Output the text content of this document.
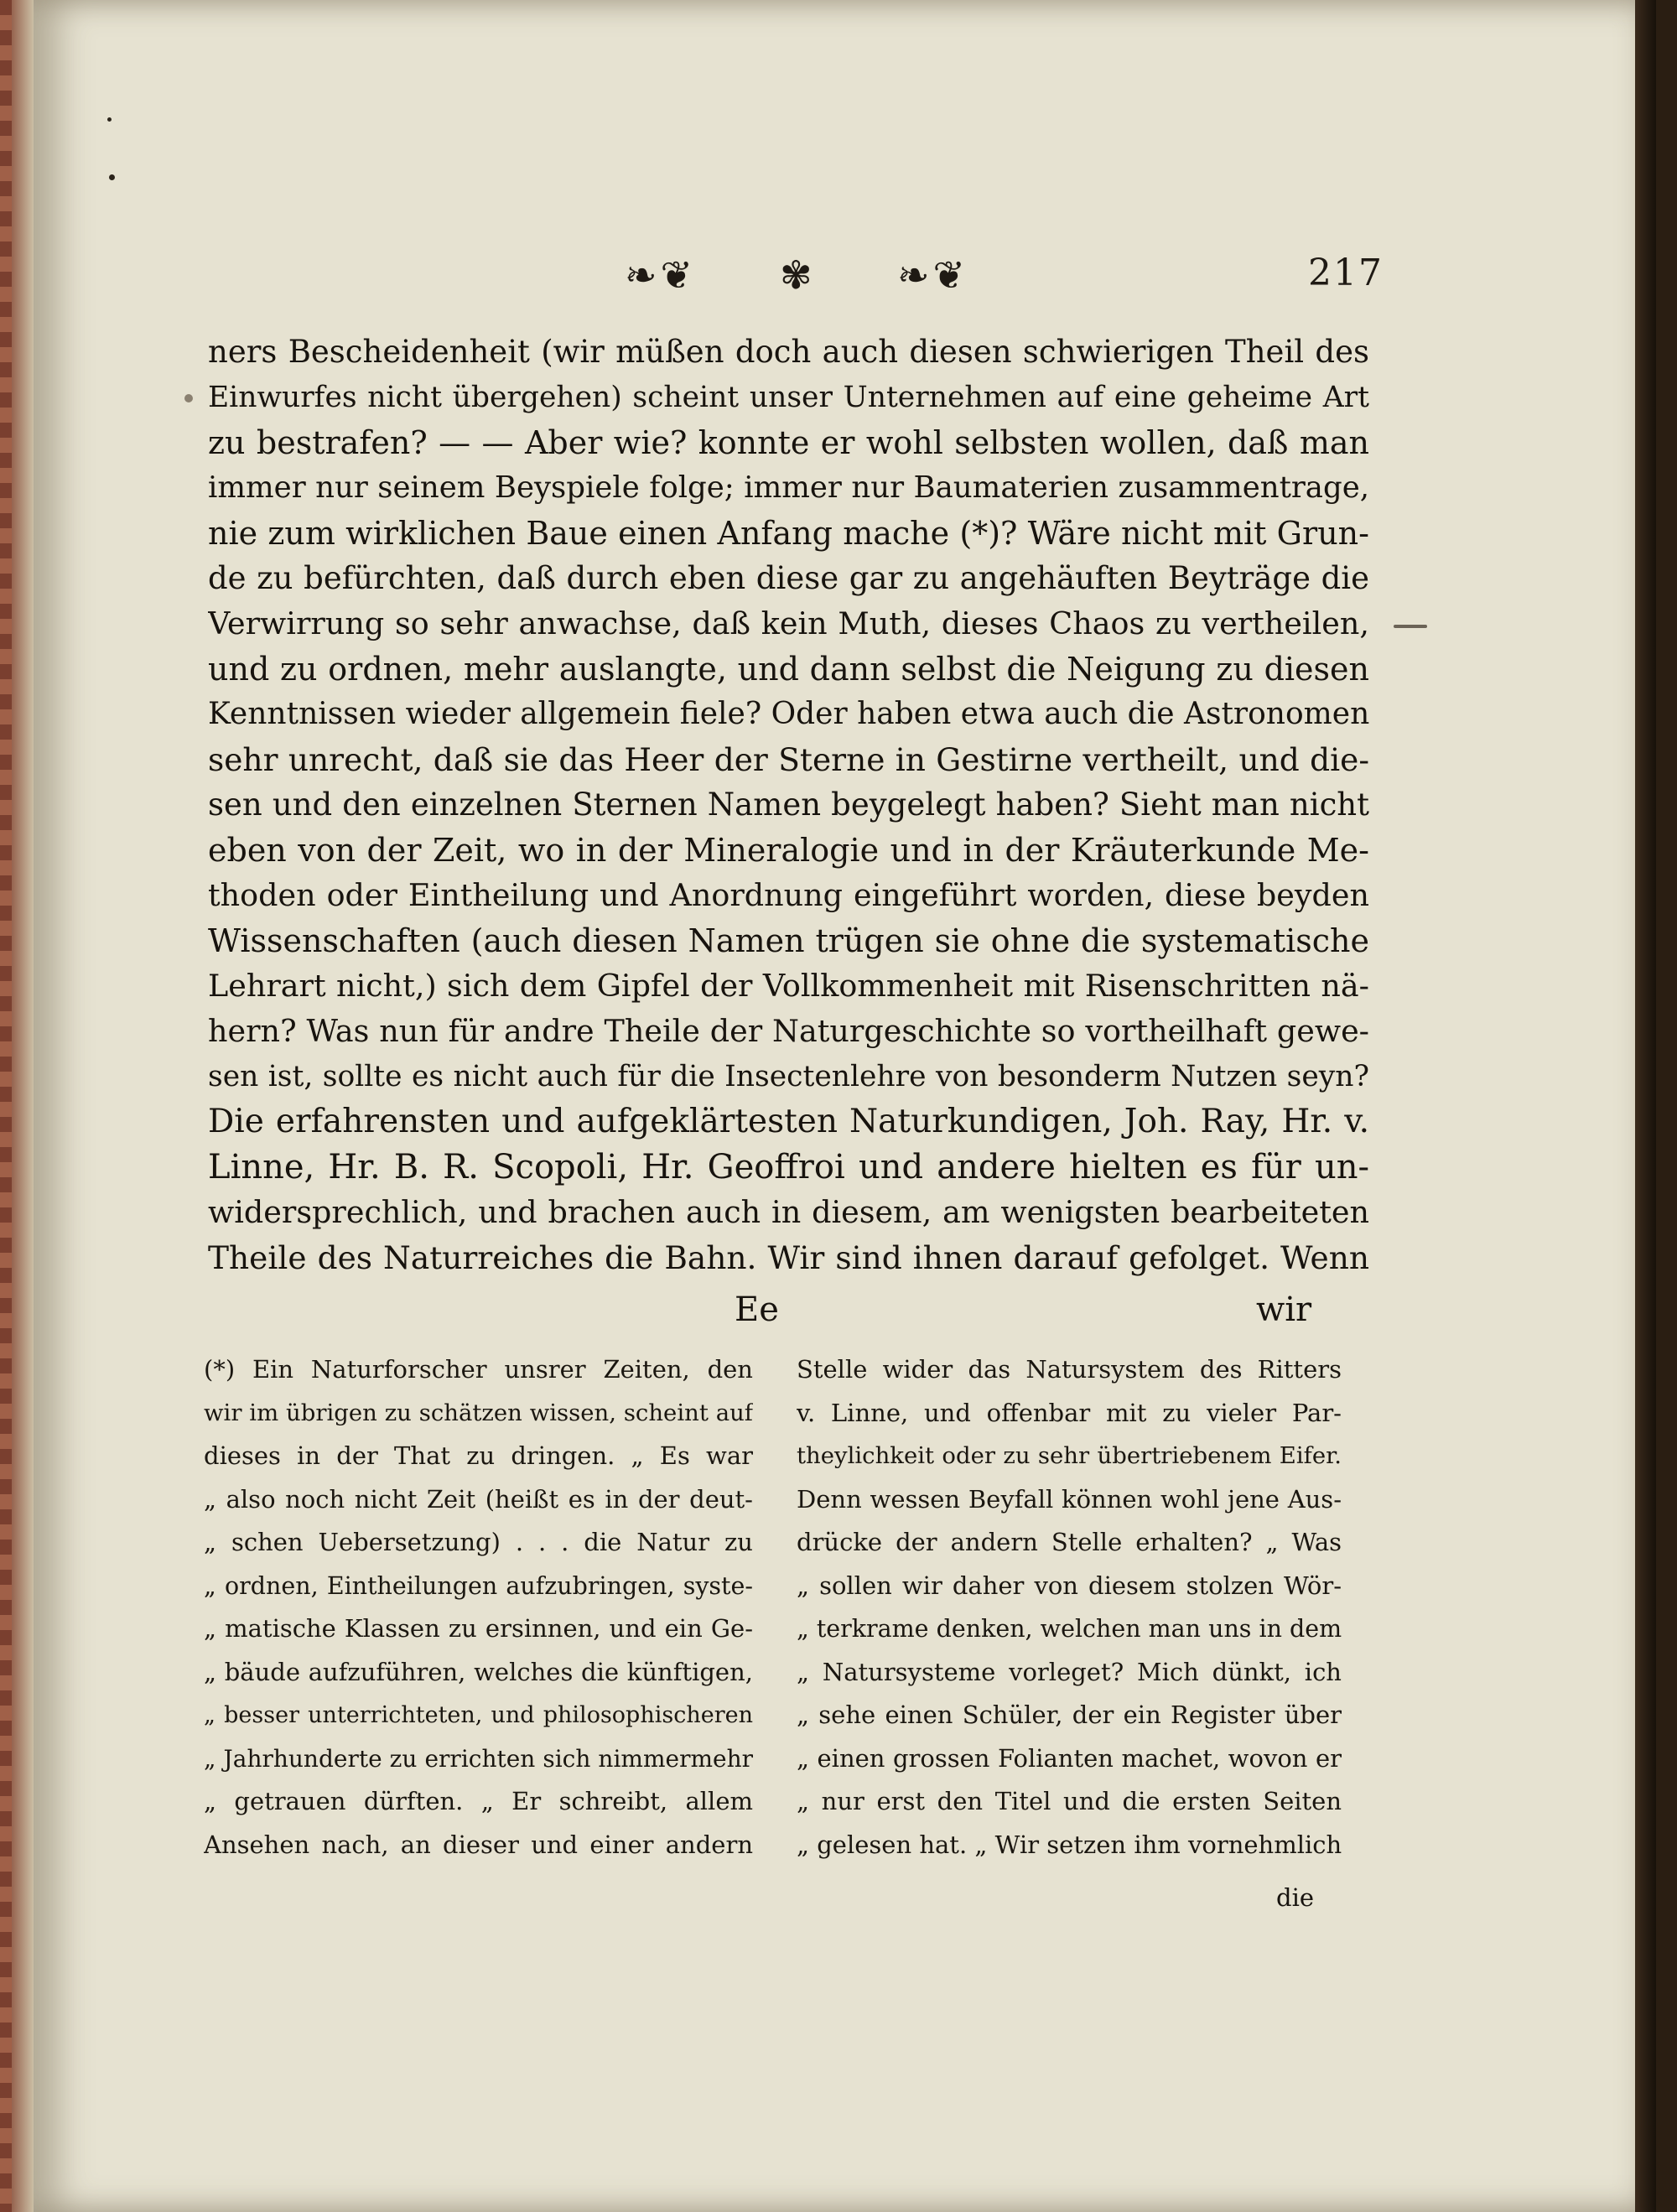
❧❦ ✾ ❧❦	217
ners Bescheidenheit (wir müßen doch auch diesen schwierigen Theil des
Einwurfes nicht übergehen) scheint unser Unternehmen auf eine geheime Art
zu bestrafen? — — Aber wie? konnte er wohl selbsten wollen, daß man
immer nur seinem Beyspiele folge; immer nur Baumaterien zusammentrage,
nie zum wirklichen Baue einen Anfang mache (*)? Wäre nicht mit Grun-
de zu befürchten, daß durch eben diese gar zu angehäuften Beyträge die
Verwirrung so sehr anwachse, daß kein Muth, dieses Chaos zu vertheilen,
und zu ordnen, mehr auslangte, und dann selbst die Neigung zu diesen
Kenntnissen wieder allgemein fiele? Oder haben etwa auch die Astronomen
sehr unrecht, daß sie das Heer der Sterne in Gestirne vertheilt, und die-
sen und den einzelnen Sternen Namen beygelegt haben? Sieht man nicht
eben von der Zeit, wo in der Mineralogie und in der Kräuterkunde Me-
thoden oder Eintheilung und Anordnung eingeführt worden, diese beyden
Wissenschaften (auch diesen Namen trügen sie ohne die systematische
Lehrart nicht,) sich dem Gipfel der Vollkommenheit mit Risenschritten nä-
hern? Was nun für andre Theile der Naturgeschichte so vortheilhaft gewe-
sen ist, sollte es nicht auch für die Insectenlehre von besonderm Nutzen seyn?
Die erfahrensten und aufgeklärtesten Naturkundigen, Joh. Ray, Hr. v.
Linne, Hr. B. R. Scopoli, Hr. Geoffroi und andere hielten es für un-
widersprechlich, und brachen auch in diesem, am wenigsten bearbeiteten
Theile des Naturreiches die Bahn. Wir sind ihnen darauf gefolget. Wenn
Ee	wir
(*) Ein Naturforscher unsrer Zeiten, den
wir im übrigen zu schätzen wissen, scheint auf
dieses in der That zu dringen. „ Es war
„ also noch nicht Zeit (heißt es in der deut-
„ schen Uebersetzung) . . . die Natur zu
„ ordnen, Eintheilungen aufzubringen, syste-
„ matische Klassen zu ersinnen, und ein Ge-
„ bäude aufzuführen, welches die künftigen,
„ besser unterrichteten, und philosophischeren
„ Jahrhunderte zu errichten sich nimmermehr
„ getrauen dürften. „ Er schreibt, allem
Ansehen nach, an dieser und einer andern
Stelle wider das Natursystem des Ritters
v. Linne, und offenbar mit zu vieler Par-
theylichkeit oder zu sehr übertriebenem Eifer.
Denn wessen Beyfall können wohl jene Aus-
drücke der andern Stelle erhalten? „ Was
„ sollen wir daher von diesem stolzen Wör-
„ terkrame denken, welchen man uns in dem
„ Natursysteme vorleget? Mich dünkt, ich
„ sehe einen Schüler, der ein Register über
„ einen grossen Folianten machet, wovon er
„ nur erst den Titel und die ersten Seiten
„ gelesen hat. „ Wir setzen ihm vornehmlich
die
